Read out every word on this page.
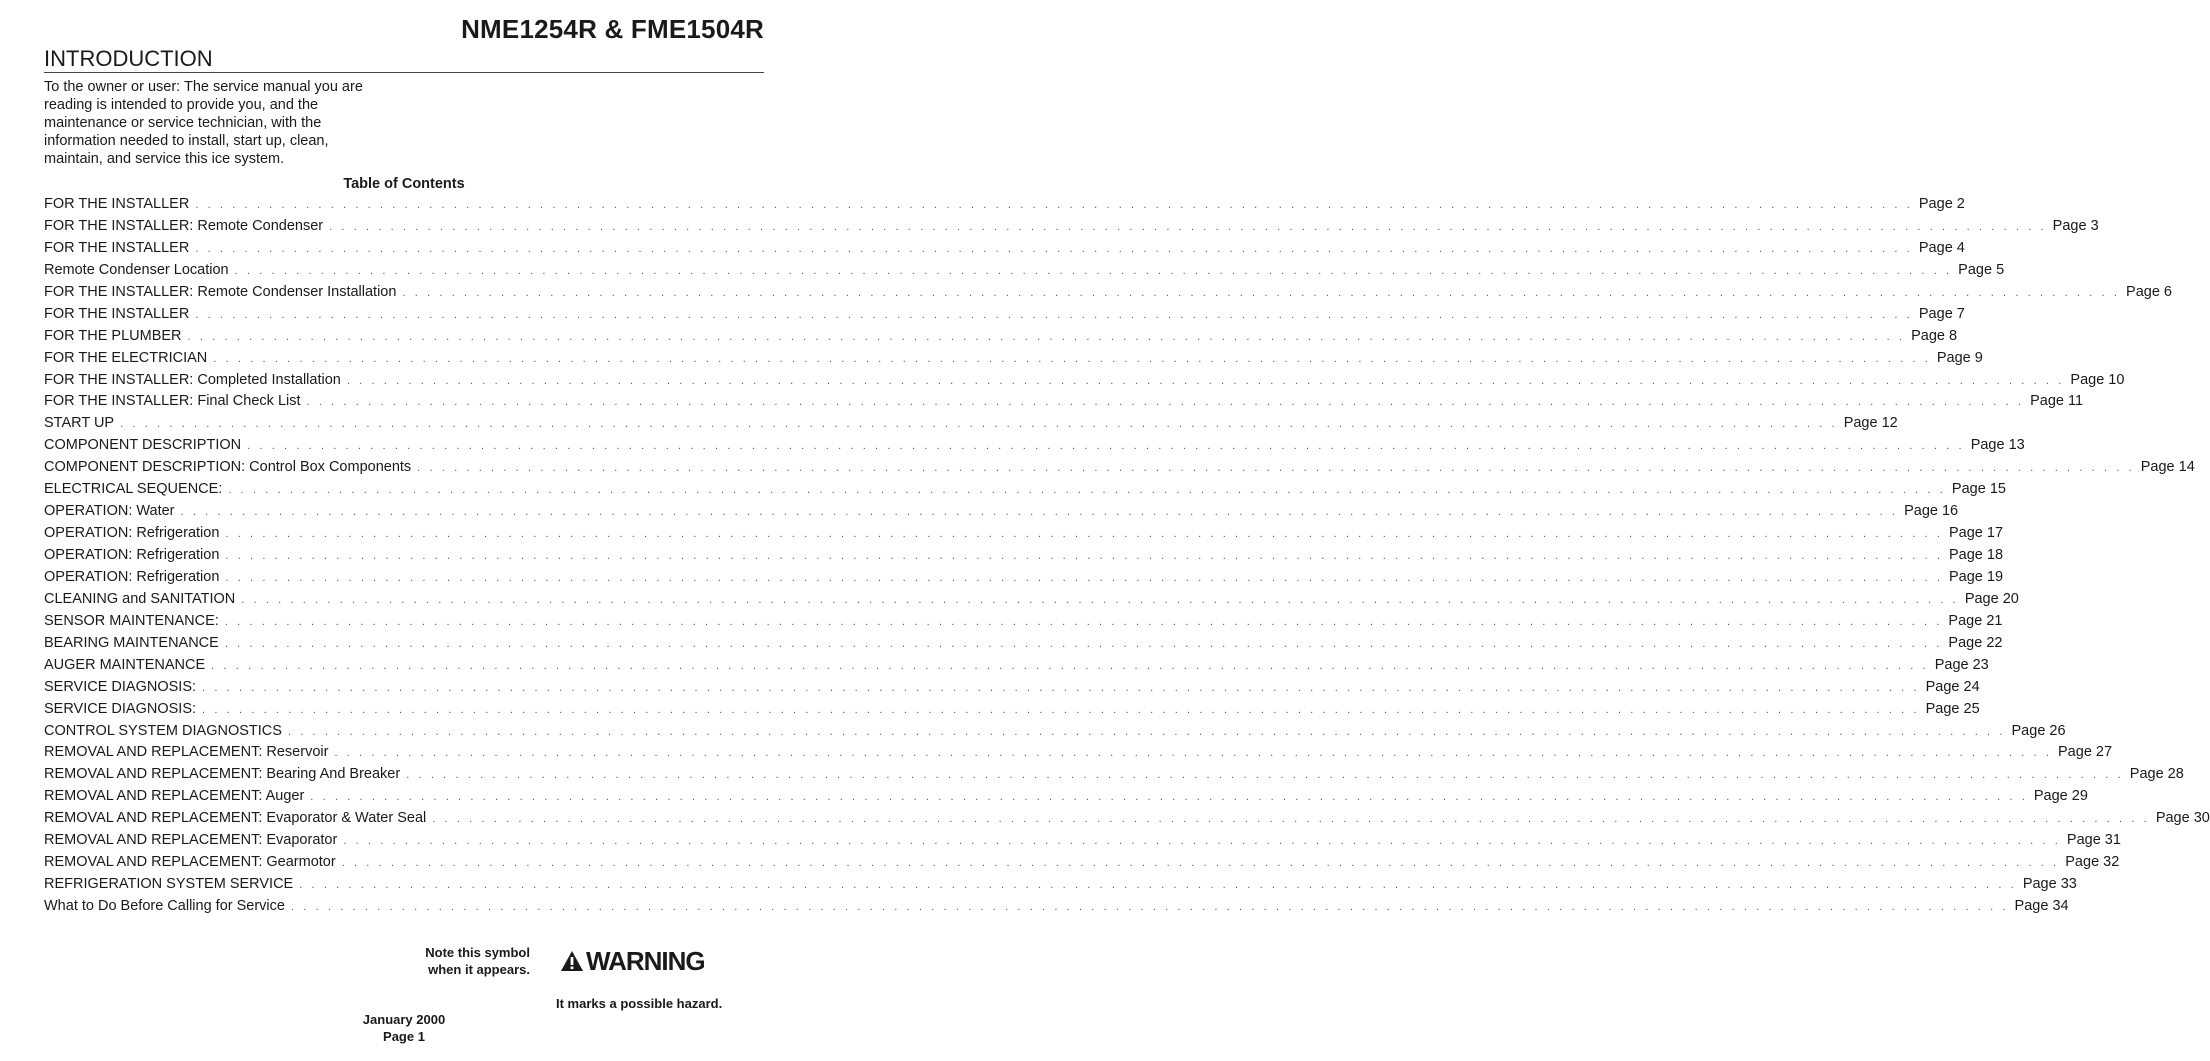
NME1254R & FME1504R
INTRODUCTION
To the owner or user: The service manual you are
reading is intended to provide you, and the
maintenance or service technician, with the
information needed to install, start up, clean,
maintain, and service this ice system.
Table of Contents
FOR THE INSTALLER . . . . . . . . . . . . . . . . . . . . . . . . . . . . . . . . . . . . . . . . . . . . . . . . . . . . . . . . . . . . . . . . . . . . . . . . . . . . . . . . . . . . . . . . . . . . . . . . . . . . . . . . . . . . . . . . . . . . . . . . . . . . . . . . . . . . . . . . . . . . Page 2
FOR THE INSTALLER: Remote Condenser . . . . . . . . . . . . . . . . . . . . . . . . . . . . . . . . . . . . . . . . . . . . . . . . . . . . . . . . . . . . . . . . . . . . . . . . . . . . . . . . . . . . . . . . . . . . . . . . . . . . . . . . . . . . . . . . . . . . . . . . . . . . . . . . . . . . . . . . . . . . Page 3
FOR THE INSTALLER . . . . . . . . . . . . . . . . . . . . . . . . . . . . . . . . . . . . . . . . . . . . . . . . . . . . . . . . . . . . . . . . . . . . . . . . . . . . . . . . . . . . . . . . . . . . . . . . . . . . . . . . . . . . . . . . . . . . . . . . . . . . . . . . . . . . . . . . . . . . Page 4
Remote Condenser Location . . . . . . . . . . . . . . . . . . . . . . . . . . . . . . . . . . . . . . . . . . . . . . . . . . . . . . . . . . . . . . . . . . . . . . . . . . . . . . . . . . . . . . . . . . . . . . . . . . . . . . . . . . . . . . . . . . . . . . . . . . . . . . . . . . . . . . . . . . . . Page 5
FOR THE INSTALLER: Remote Condenser Installation . . . . . . . . . . . . . . . . . . . . . . . . . . . . . . . . . . . . . . . . . . . . . . . . . . . . . . . . . . . . . . . . . . . . . . . . . . . . . . . . . . . . . . . . . . . . . . . . . . . . . . . . . . . . . . . . . . . . . . . . . . . . . . . . . . . . . . . . . . . . Page 6
FOR THE INSTALLER . . . . . . . . . . . . . . . . . . . . . . . . . . . . . . . . . . . . . . . . . . . . . . . . . . . . . . . . . . . . . . . . . . . . . . . . . . . . . . . . . . . . . . . . . . . . . . . . . . . . . . . . . . . . . . . . . . . . . . . . . . . . . . . . . . . . . . . . . . . . Page 7
FOR THE PLUMBER . . . . . . . . . . . . . . . . . . . . . . . . . . . . . . . . . . . . . . . . . . . . . . . . . . . . . . . . . . . . . . . . . . . . . . . . . . . . . . . . . . . . . . . . . . . . . . . . . . . . . . . . . . . . . . . . . . . . . . . . . . . . . . . . . . . . . . . . . . . . Page 8
FOR THE ELECTRICIAN . . . . . . . . . . . . . . . . . . . . . . . . . . . . . . . . . . . . . . . . . . . . . . . . . . . . . . . . . . . . . . . . . . . . . . . . . . . . . . . . . . . . . . . . . . . . . . . . . . . . . . . . . . . . . . . . . . . . . . . . . . . . . . . . . . . . . . . . . . . . Page 9
FOR THE INSTALLER: Completed Installation . . . . . . . . . . . . . . . . . . . . . . . . . . . . . . . . . . . . . . . . . . . . . . . . . . . . . . . . . . . . . . . . . . . . . . . . . . . . . . . . . . . . . . . . . . . . . . . . . . . . . . . . . . . . . . . . . . . . . . . . . . . . . . . . . . . . . . . . . . . . Page 10
FOR THE INSTALLER: Final Check List . . . . . . . . . . . . . . . . . . . . . . . . . . . . . . . . . . . . . . . . . . . . . . . . . . . . . . . . . . . . . . . . . . . . . . . . . . . . . . . . . . . . . . . . . . . . . . . . . . . . . . . . . . . . . . . . . . . . . . . . . . . . . . . . . . . . . . . . . . . . Page 11
START UP . . . . . . . . . . . . . . . . . . . . . . . . . . . . . . . . . . . . . . . . . . . . . . . . . . . . . . . . . . . . . . . . . . . . . . . . . . . . . . . . . . . . . . . . . . . . . . . . . . . . . . . . . . . . . . . . . . . . . . . . . . . . . . . . . . . . . . . . . . . . Page 12
COMPONENT DESCRIPTION . . . . . . . . . . . . . . . . . . . . . . . . . . . . . . . . . . . . . . . . . . . . . . . . . . . . . . . . . . . . . . . . . . . . . . . . . . . . . . . . . . . . . . . . . . . . . . . . . . . . . . . . . . . . . . . . . . . . . . . . . . . . . . . . . . . . . . . . . . . . Page 13
COMPONENT DESCRIPTION: Control Box Components . . . . . . . . . . . . . . . . . . . . . . . . . . . . . . . . . . . . . . . . . . . . . . . . . . . . . . . . . . . . . . . . . . . . . . . . . . . . . . . . . . . . . . . . . . . . . . . . . . . . . . . . . . . . . . . . . . . . . . . . . . . . . . . . . . . . . . . . . . . . Page 14
ELECTRICAL SEQUENCE: . . . . . . . . . . . . . . . . . . . . . . . . . . . . . . . . . . . . . . . . . . . . . . . . . . . . . . . . . . . . . . . . . . . . . . . . . . . . . . . . . . . . . . . . . . . . . . . . . . . . . . . . . . . . . . . . . . . . . . . . . . . . . . . . . . . . . . . . . . . . Page 15
OPERATION: Water . . . . . . . . . . . . . . . . . . . . . . . . . . . . . . . . . . . . . . . . . . . . . . . . . . . . . . . . . . . . . . . . . . . . . . . . . . . . . . . . . . . . . . . . . . . . . . . . . . . . . . . . . . . . . . . . . . . . . . . . . . . . . . . . . . . . . . . . . . . . Page 16
OPERATION: Refrigeration . . . . . . . . . . . . . . . . . . . . . . . . . . . . . . . . . . . . . . . . . . . . . . . . . . . . . . . . . . . . . . . . . . . . . . . . . . . . . . . . . . . . . . . . . . . . . . . . . . . . . . . . . . . . . . . . . . . . . . . . . . . . . . . . . . . . . . . . . . . . Page 17
OPERATION: Refrigeration . . . . . . . . . . . . . . . . . . . . . . . . . . . . . . . . . . . . . . . . . . . . . . . . . . . . . . . . . . . . . . . . . . . . . . . . . . . . . . . . . . . . . . . . . . . . . . . . . . . . . . . . . . . . . . . . . . . . . . . . . . . . . . . . . . . . . . . . . . . . Page 18
OPERATION: Refrigeration . . . . . . . . . . . . . . . . . . . . . . . . . . . . . . . . . . . . . . . . . . . . . . . . . . . . . . . . . . . . . . . . . . . . . . . . . . . . . . . . . . . . . . . . . . . . . . . . . . . . . . . . . . . . . . . . . . . . . . . . . . . . . . . . . . . . . . . . . . . . Page 19
CLEANING and SANITATION . . . . . . . . . . . . . . . . . . . . . . . . . . . . . . . . . . . . . . . . . . . . . . . . . . . . . . . . . . . . . . . . . . . . . . . . . . . . . . . . . . . . . . . . . . . . . . . . . . . . . . . . . . . . . . . . . . . . . . . . . . . . . . . . . . . . . . . . . . . . Page 20
SENSOR MAINTENANCE: . . . . . . . . . . . . . . . . . . . . . . . . . . . . . . . . . . . . . . . . . . . . . . . . . . . . . . . . . . . . . . . . . . . . . . . . . . . . . . . . . . . . . . . . . . . . . . . . . . . . . . . . . . . . . . . . . . . . . . . . . . . . . . . . . . . . . . . . . . . . Page 21
BEARING MAINTENANCE . . . . . . . . . . . . . . . . . . . . . . . . . . . . . . . . . . . . . . . . . . . . . . . . . . . . . . . . . . . . . . . . . . . . . . . . . . . . . . . . . . . . . . . . . . . . . . . . . . . . . . . . . . . . . . . . . . . . . . . . . . . . . . . . . . . . . . . . . . . . Page 22
AUGER MAINTENANCE . . . . . . . . . . . . . . . . . . . . . . . . . . . . . . . . . . . . . . . . . . . . . . . . . . . . . . . . . . . . . . . . . . . . . . . . . . . . . . . . . . . . . . . . . . . . . . . . . . . . . . . . . . . . . . . . . . . . . . . . . . . . . . . . . . . . . . . . . . . . Page 23
SERVICE DIAGNOSIS: . . . . . . . . . . . . . . . . . . . . . . . . . . . . . . . . . . . . . . . . . . . . . . . . . . . . . . . . . . . . . . . . . . . . . . . . . . . . . . . . . . . . . . . . . . . . . . . . . . . . . . . . . . . . . . . . . . . . . . . . . . . . . . . . . . . . . . . . . . . . Page 24
SERVICE DIAGNOSIS: . . . . . . . . . . . . . . . . . . . . . . . . . . . . . . . . . . . . . . . . . . . . . . . . . . . . . . . . . . . . . . . . . . . . . . . . . . . . . . . . . . . . . . . . . . . . . . . . . . . . . . . . . . . . . . . . . . . . . . . . . . . . . . . . . . . . . . . . . . . . Page 25
CONTROL SYSTEM DIAGNOSTICS . . . . . . . . . . . . . . . . . . . . . . . . . . . . . . . . . . . . . . . . . . . . . . . . . . . . . . . . . . . . . . . . . . . . . . . . . . . . . . . . . . . . . . . . . . . . . . . . . . . . . . . . . . . . . . . . . . . . . . . . . . . . . . . . . . . . . . . . . . . . Page 26
REMOVAL AND REPLACEMENT: Reservoir . . . . . . . . . . . . . . . . . . . . . . . . . . . . . . . . . . . . . . . . . . . . . . . . . . . . . . . . . . . . . . . . . . . . . . . . . . . . . . . . . . . . . . . . . . . . . . . . . . . . . . . . . . . . . . . . . . . . . . . . . . . . . . . . . . . . . . . . . . . . Page 27
REMOVAL AND REPLACEMENT: Bearing And Breaker . . . . . . . . . . . . . . . . . . . . . . . . . . . . . . . . . . . . . . . . . . . . . . . . . . . . . . . . . . . . . . . . . . . . . . . . . . . . . . . . . . . . . . . . . . . . . . . . . . . . . . . . . . . . . . . . . . . . . . . . . . . . . . . . . . . . . . . . . . . . Page 28
REMOVAL AND REPLACEMENT: Auger . . . . . . . . . . . . . . . . . . . . . . . . . . . . . . . . . . . . . . . . . . . . . . . . . . . . . . . . . . . . . . . . . . . . . . . . . . . . . . . . . . . . . . . . . . . . . . . . . . . . . . . . . . . . . . . . . . . . . . . . . . . . . . . . . . . . . . . . . . . . Page 29
REMOVAL AND REPLACEMENT: Evaporator & Water Seal . . . . . . . . . . . . . . . . . . . . . . . . . . . . . . . . . . . . . . . . . . . . . . . . . . . . . . . . . . . . . . . . . . . . . . . . . . . . . . . . . . . . . . . . . . . . . . . . . . . . . . . . . . . . . . . . . . . . . . . . . . . . . . . . . . . . . . . . . . . . Page 30
REMOVAL AND REPLACEMENT: Evaporator . . . . . . . . . . . . . . . . . . . . . . . . . . . . . . . . . . . . . . . . . . . . . . . . . . . . . . . . . . . . . . . . . . . . . . . . . . . . . . . . . . . . . . . . . . . . . . . . . . . . . . . . . . . . . . . . . . . . . . . . . . . . . . . . . . . . . . . . . . . . Page 31
REMOVAL AND REPLACEMENT: Gearmotor . . . . . . . . . . . . . . . . . . . . . . . . . . . . . . . . . . . . . . . . . . . . . . . . . . . . . . . . . . . . . . . . . . . . . . . . . . . . . . . . . . . . . . . . . . . . . . . . . . . . . . . . . . . . . . . . . . . . . . . . . . . . . . . . . . . . . . . . . . . . Page 32
REFRIGERATION SYSTEM SERVICE . . . . . . . . . . . . . . . . . . . . . . . . . . . . . . . . . . . . . . . . . . . . . . . . . . . . . . . . . . . . . . . . . . . . . . . . . . . . . . . . . . . . . . . . . . . . . . . . . . . . . . . . . . . . . . . . . . . . . . . . . . . . . . . . . . . . . . . . . . . . Page 33
What to Do Before Calling for Service . . . . . . . . . . . . . . . . . . . . . . . . . . . . . . . . . . . . . . . . . . . . . . . . . . . . . . . . . . . . . . . . . . . . . . . . . . . . . . . . . . . . . . . . . . . . . . . . . . . . . . . . . . . . . . . . . . . . . . . . . . . . . . . . . . . . . . . . . . . . Page 34
Note this symbol
when it appears. WARNING
It marks a possible hazard.
January 2000
Page 1
